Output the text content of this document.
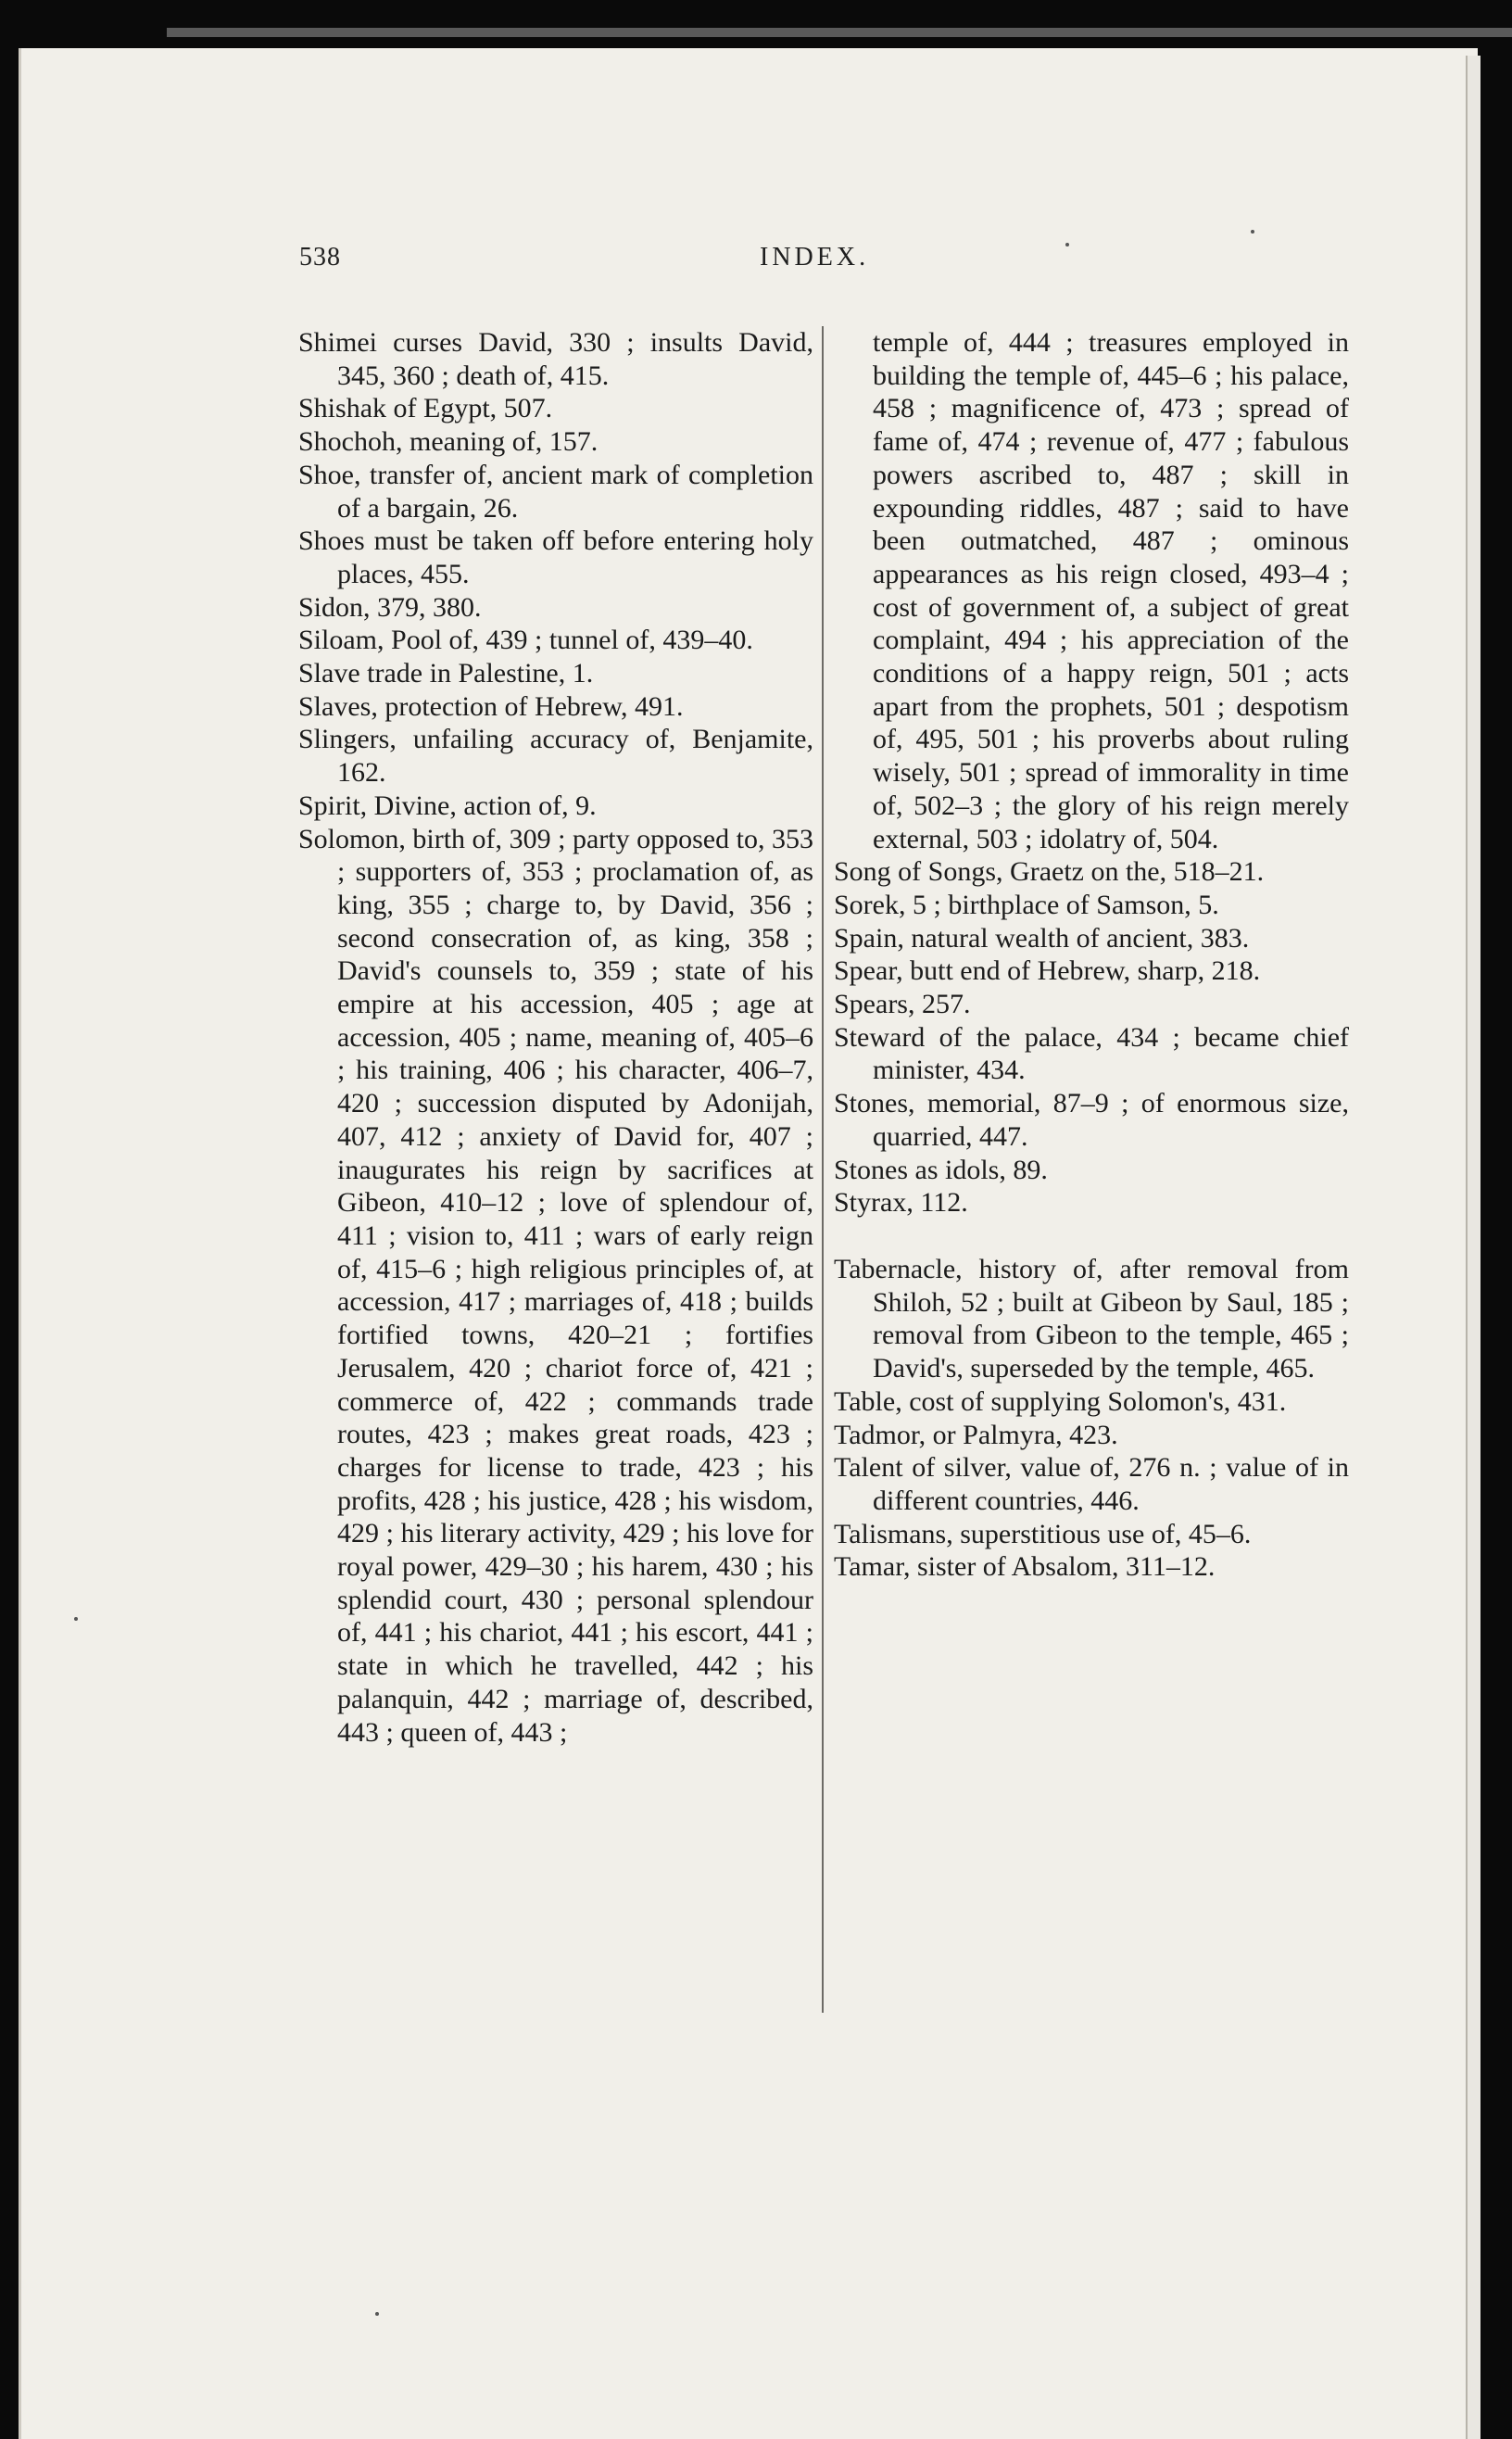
538	INDEX.

Shimei curses David, 330 ; insults David, 345, 360 ; death of, 415.

Shishak of Egypt, 507.

Shochoh, meaning of, 157.

Shoe, transfer of, ancient mark of completion of a bargain, 26.

Shoes must be taken off before entering holy places, 455.

Sidon, 379, 380.

Siloam, Pool of, 439 ; tunnel of, 439–40.

Slave trade in Palestine, 1.

Slaves, protection of Hebrew, 491.

Slingers, unfailing accuracy of, Benjamite, 162.

Spirit, Divine, action of, 9.

Solomon, birth of, 309 ; party opposed to, 353 ; supporters of, 353 ; proclamation of, as king, 355 ; charge to, by David, 356 ; second consecration of, as king, 358 ; David's counsels to, 359 ; state of his empire at his accession, 405 ; age at accession, 405 ; name, meaning of, 405–6 ; his training, 406 ; his character, 406–7, 420 ; succession disputed by Adonijah, 407, 412 ; anxiety of David for, 407 ; inaugurates his reign by sacrifices at Gibeon, 410–12 ; love of splendour of, 411 ; vision to, 411 ; wars of early reign of, 415–6 ; high religious principles of, at accession, 417 ; marriages of, 418 ; builds fortified towns, 420–21 ; fortifies Jerusalem, 420 ; chariot force of, 421 ; commerce of, 422 ; commands trade routes, 423 ; makes great roads, 423 ; charges for license to trade, 423 ; his profits, 428 ; his justice, 428 ; his wisdom, 429 ; his literary activity, 429 ; his love for royal power, 429–30 ; his harem, 430 ; his splendid court, 430 ; personal splendour of, 441 ; his chariot, 441 ; his escort, 441 ; state in which he travelled, 442 ; his palanquin, 442 ; marriage of, described, 443 ; queen of, 443 ;

temple of, 444 ; treasures employed in building the temple of, 445–6 ; his palace, 458 ; magnificence of, 473 ; spread of fame of, 474 ; revenue of, 477 ; fabulous powers ascribed to, 487 ; skill in expounding riddles, 487 ; said to have been outmatched, 487 ; ominous appearances as his reign closed, 493–4 ; cost of government of, a subject of great complaint, 494 ; his appreciation of the conditions of a happy reign, 501 ; acts apart from the prophets, 501 ; despotism of, 495, 501 ; his proverbs about ruling wisely, 501 ; spread of immorality in time of, 502–3 ; the glory of his reign merely external, 503 ; idolatry of, 504.

Song of Songs, Graetz on the, 518–21.

Sorek, 5 ; birthplace of Samson, 5.

Spain, natural wealth of ancient, 383.

Spear, butt end of Hebrew, sharp, 218.

Spears, 257.

Steward of the palace, 434 ; became chief minister, 434.

Stones, memorial, 87–9 ; of enormous size, quarried, 447.

Stones as idols, 89.

Styrax, 112.

Tabernacle, history of, after removal from Shiloh, 52 ; built at Gibeon by Saul, 185 ; removal from Gibeon to the temple, 465 ; David's, superseded by the temple, 465.

Table, cost of supplying Solomon's, 431.

Tadmor, or Palmyra, 423.

Talent of silver, value of, 276 n. ; value of in different countries, 446.

Talismans, superstitious use of, 45–6.

Tamar, sister of Absalom, 311–12.
